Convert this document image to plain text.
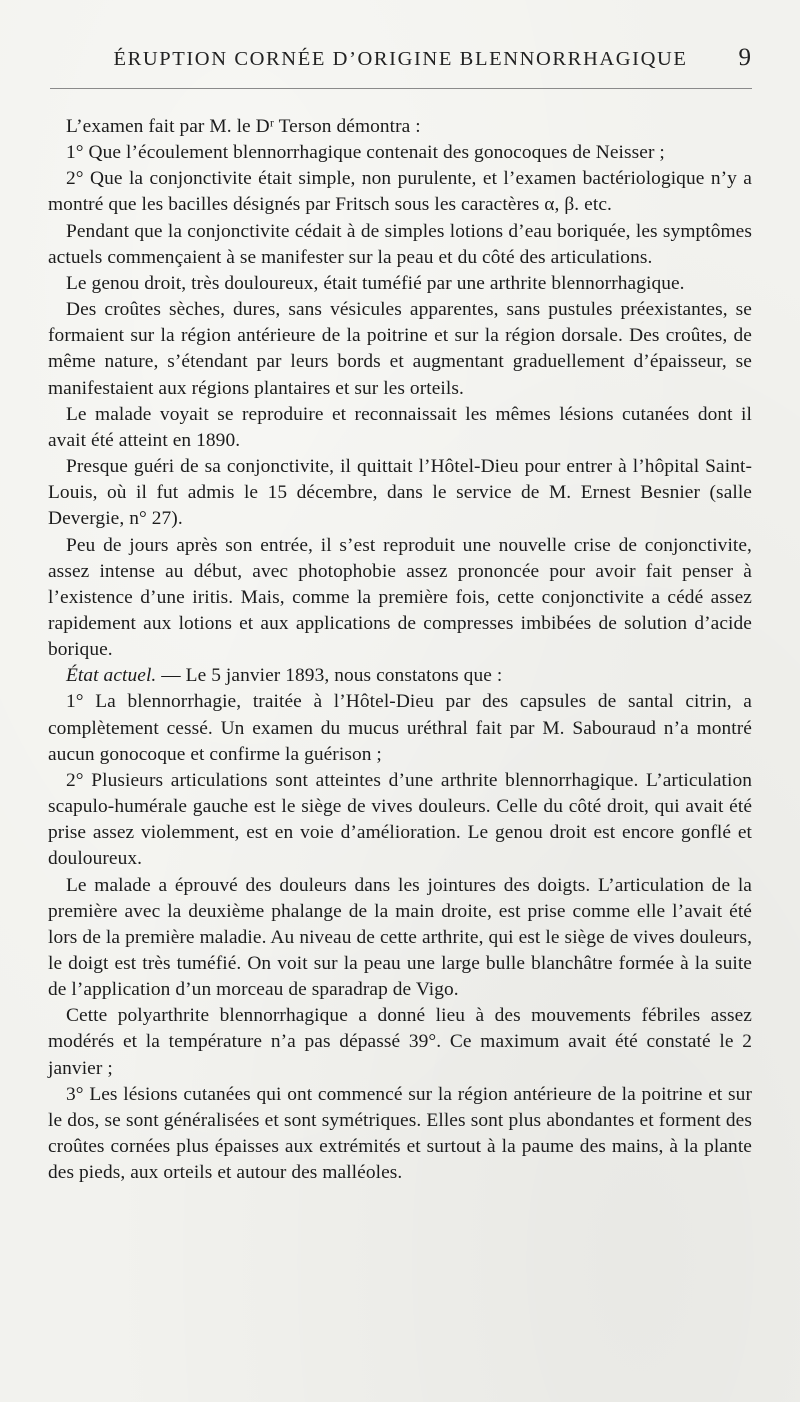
ÉRUPTION CORNÉE D’ORIGINE BLENNORRHAGIQUE	9

L’examen fait par M. le Dʳ Terson démontra :

1° Que l’écoulement blennorrhagique contenait des gonocoques de Neisser ;

2° Que la conjonctivite était simple, non purulente, et l’examen bactériologique n’y a montré que les bacilles désignés par Fritsch sous les caractères α, β. etc.

Pendant que la conjonctivite cédait à de simples lotions d’eau boriquée, les symptômes actuels commençaient à se manifester sur la peau et du côté des articulations.

Le genou droit, très douloureux, était tuméfié par une arthrite blennorrhagique.

Des croûtes sèches, dures, sans vésicules apparentes, sans pustules préexistantes, se formaient sur la région antérieure de la poitrine et sur la région dorsale. Des croûtes, de même nature, s’étendant par leurs bords et augmentant graduellement d’épaisseur, se manifestaient aux régions plantaires et sur les orteils.

Le malade voyait se reproduire et reconnaissait les mêmes lésions cutanées dont il avait été atteint en 1890.

Presque guéri de sa conjonctivite, il quittait l’Hôtel-Dieu pour entrer à l’hôpital Saint-Louis, où il fut admis le 15 décembre, dans le service de M. Ernest Besnier (salle Devergie, n° 27).

Peu de jours après son entrée, il s’est reproduit une nouvelle crise de conjonctivite, assez intense au début, avec photophobie assez prononcée pour avoir fait penser à l’existence d’une iritis. Mais, comme la première fois, cette conjonctivite a cédé assez rapidement aux lotions et aux applications de compresses imbibées de solution d’acide borique.

État actuel. — Le 5 janvier 1893, nous constatons que :

1° La blennorrhagie, traitée à l’Hôtel-Dieu par des capsules de santal citrin, a complètement cessé. Un examen du mucus uréthral fait par M. Sabouraud n’a montré aucun gonocoque et confirme la guérison ;

2° Plusieurs articulations sont atteintes d’une arthrite blennorrhagique. L’articulation scapulo-humérale gauche est le siège de vives douleurs. Celle du côté droit, qui avait été prise assez violemment, est en voie d’amélioration. Le genou droit est encore gonflé et douloureux.

Le malade a éprouvé des douleurs dans les jointures des doigts. L’articulation de la première avec la deuxième phalange de la main droite, est prise comme elle l’avait été lors de la première maladie. Au niveau de cette arthrite, qui est le siège de vives douleurs, le doigt est très tuméfié. On voit sur la peau une large bulle blanchâtre formée à la suite de l’application d’un morceau de sparadrap de Vigo.

Cette polyarthrite blennorrhagique a donné lieu à des mouvements fébriles assez modérés et la température n’a pas dépassé 39°. Ce maximum avait été constaté le 2 janvier ;

3° Les lésions cutanées qui ont commencé sur la région antérieure de la poitrine et sur le dos, se sont généralisées et sont symétriques. Elles sont plus abondantes et forment des croûtes cornées plus épaisses aux extrémités et surtout à la paume des mains, à la plante des pieds, aux orteils et autour des malléoles.
